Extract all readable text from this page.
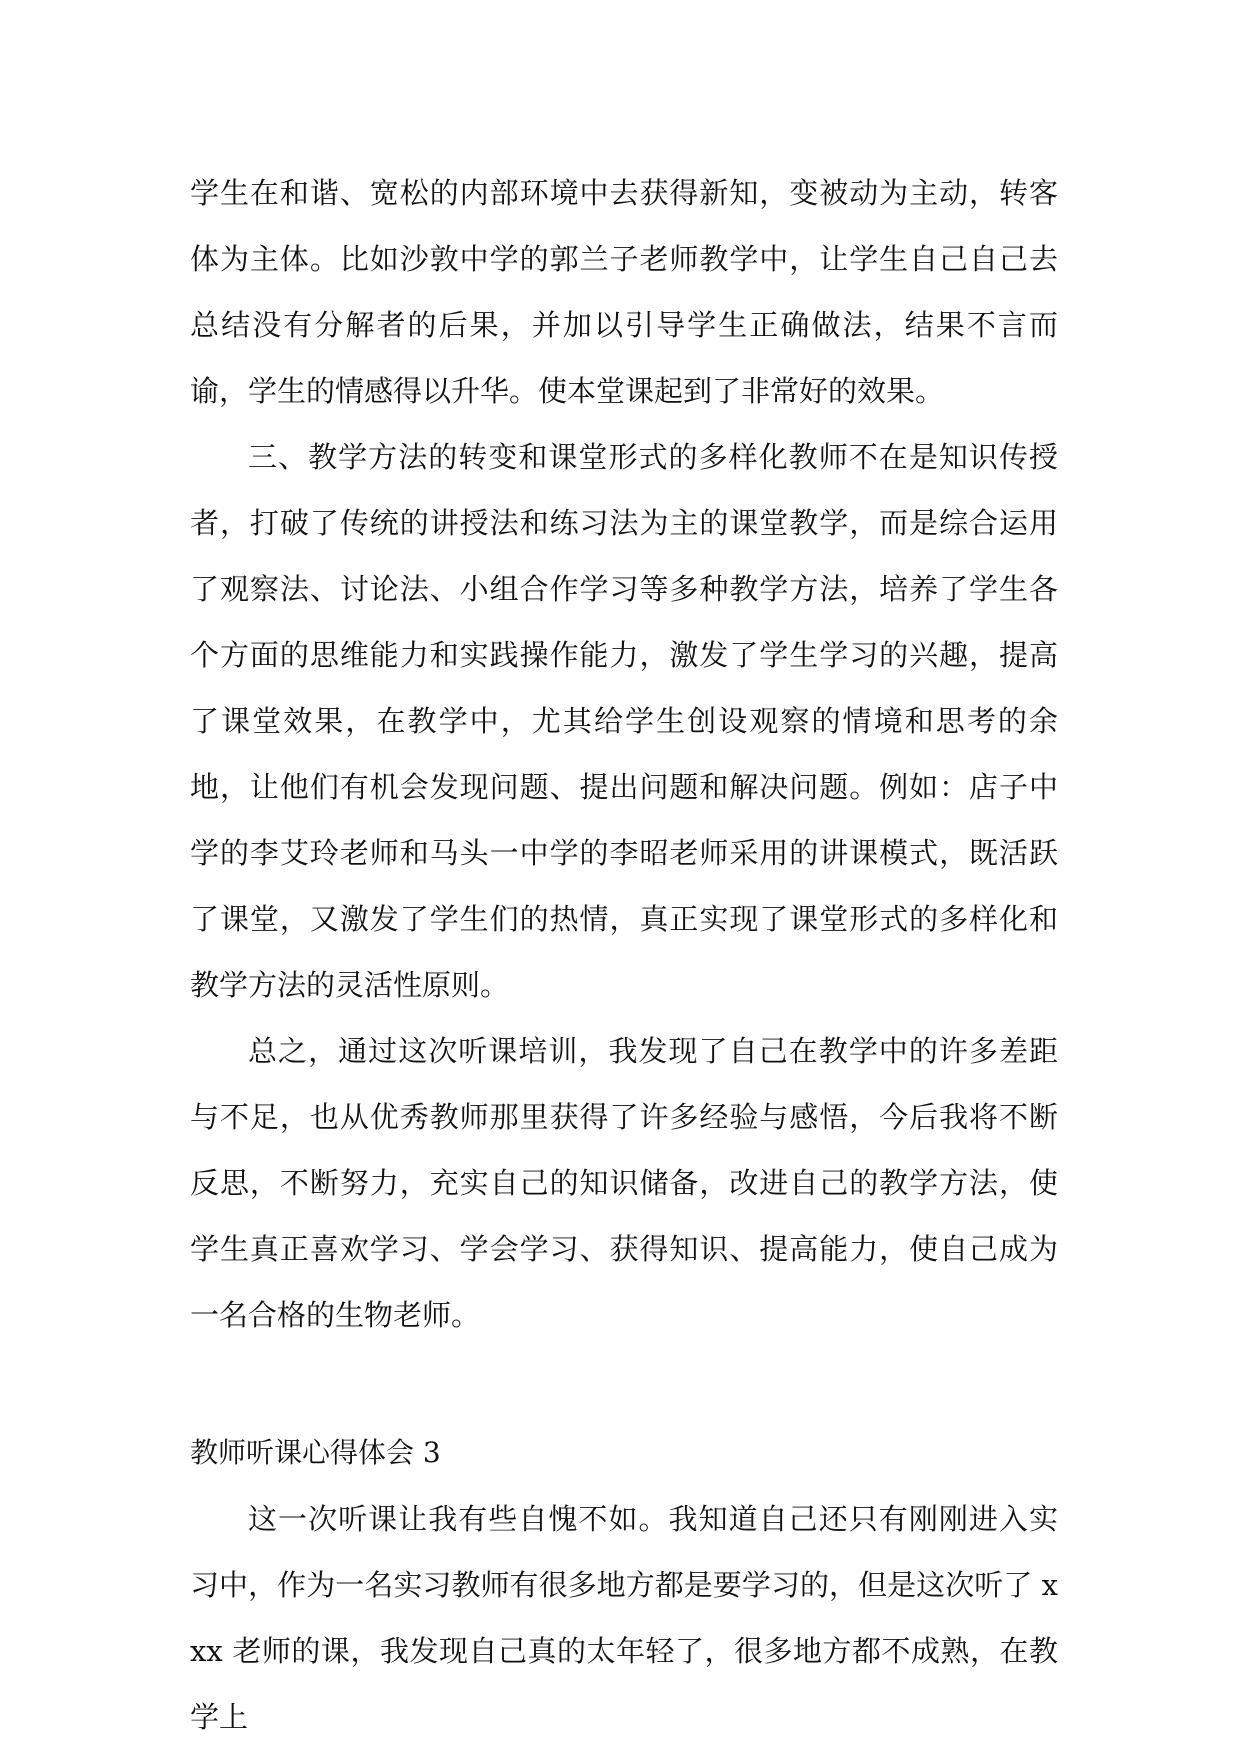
学生在和谐、宽松的内部环境中去获得新知，变被动为主动，转客体为主体。比如沙敦中学的郭兰子老师教学中，让学生自己自己去总结没有分解者的后果，并加以引导学生正确做法，结果不言而谕，学生的情感得以升华。使本堂课起到了非常好的效果。

三、教学方法的转变和课堂形式的多样化教师不在是知识传授者，打破了传统的讲授法和练习法为主的课堂教学，而是综合运用了观察法、讨论法、小组合作学习等多种教学方法，培养了学生各个方面的思维能力和实践操作能力，激发了学生学习的兴趣，提高了课堂效果，在教学中，尤其给学生创设观察的情境和思考的余地，让他们有机会发现问题、提出问题和解决问题。例如：店子中学的李艾玲老师和马头一中学的李昭老师采用的讲课模式，既活跃了课堂，又激发了学生们的热情，真正实现了课堂形式的多样化和教学方法的灵活性原则。

总之，通过这次听课培训，我发现了自己在教学中的许多差距与不足，也从优秀教师那里获得了许多经验与感悟，今后我将不断反思，不断努力，充实自己的知识储备，改进自己的教学方法，使学生真正喜欢学习、学会学习、获得知识、提高能力，使自己成为一名合格的生物老师。

教师听课心得体会 3

这一次听课让我有些自愧不如。我知道自己还只有刚刚进入实习中，作为一名实习教师有很多地方都是要学习的，但是这次听了 xxx 老师的课，我发现自己真的太年轻了，很多地方都不成熟，在教学上
